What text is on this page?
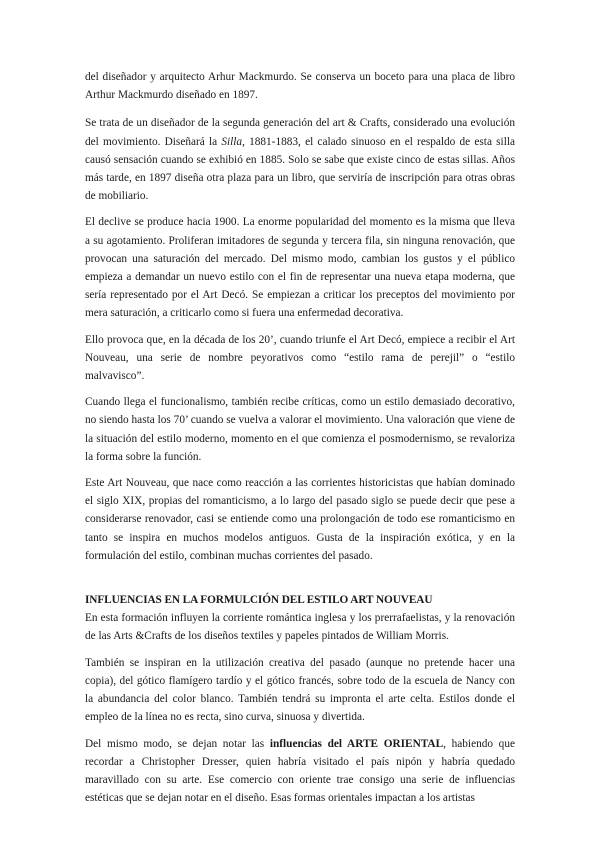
del diseñador y arquitecto Arhur Mackmurdo. Se conserva un boceto para una placa de libro Arthur Mackmurdo diseñado en 1897.

Se trata de un diseñador de la segunda generación del art & Crafts, considerado una evolución del movimiento. Diseñará la Silla, 1881-1883, el calado sinuoso en el respaldo de esta silla causó sensación cuando se exhibió en 1885. Solo se sabe que existe cinco de estas sillas. Años más tarde, en 1897 diseña otra plaza para un libro, que serviría de inscripción para otras obras de mobiliario.

El declive se produce hacia 1900. La enorme popularidad del momento es la misma que lleva a su agotamiento. Proliferan imitadores de segunda y tercera fila, sin ninguna renovación, que provocan una saturación del mercado. Del mismo modo, cambian los gustos y el público empieza a demandar un nuevo estilo con el fin de representar una nueva etapa moderna, que sería representado por el Art Decó. Se empiezan a criticar los preceptos del movimiento por mera saturación, a criticarlo como si fuera una enfermedad decorativa.

Ello provoca que, en la década de los 20’, cuando triunfe el Art Decó, empiece a recibir el Art Nouveau, una serie de nombre peyorativos como “estilo rama de perejil” o “estilo malvavisco”.

Cuando llega el funcionalismo, también recibe críticas, como un estilo demasiado decorativo, no siendo hasta los 70’ cuando se vuelva a valorar el movimiento. Una valoración que viene de la situación del estilo moderno, momento en el que comienza el posmodernismo, se revaloriza la forma sobre la función.

Este Art Nouveau, que nace como reacción a las corrientes historicistas que habían dominado el siglo XIX, propias del romanticismo, a lo largo del pasado siglo se puede decir que pese a considerarse renovador, casi se entiende como una prolongación de todo ese romanticismo en tanto se inspira en muchos modelos antiguos. Gusta de la inspiración exótica, y en la formulación del estilo, combinan muchas corrientes del pasado.

INFLUENCIAS EN LA FORMULCIÓN DEL ESTILO ART NOUVEAU

En esta formación influyen la corriente romántica inglesa y los prerrafaelistas, y la renovación de las Arts &Crafts de los diseños textiles y papeles pintados de William Morris.

También se inspiran en la utilización creativa del pasado (aunque no pretende hacer una copia), del gótico flamígero tardío y el gótico francés, sobre todo de la escuela de Nancy con la abundancia del color blanco. También tendrá su impronta el arte celta. Estilos donde el empleo de la línea no es recta, sino curva, sinuosa y divertida.

Del mismo modo, se dejan notar las influencias del ARTE ORIENTAL, habiendo que recordar a Christopher Dresser, quien habría visitado el país nipón y habría quedado maravillado con su arte. Ese comercio con oriente trae consigo una serie de influencias estéticas que se dejan notar en el diseño. Esas formas orientales impactan a los artistas
